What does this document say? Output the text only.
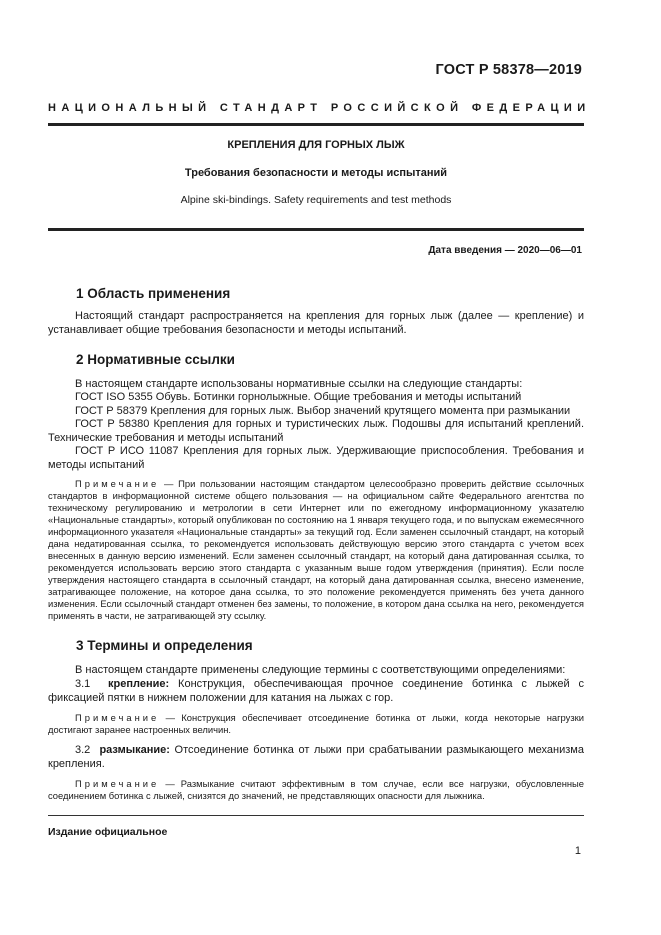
ГОСТ Р 58378—2019
НАЦИОНАЛЬНЫЙ СТАНДАРТ РОССИЙСКОЙ ФЕДЕРАЦИИ
КРЕПЛЕНИЯ ДЛЯ ГОРНЫХ ЛЫЖ
Требования безопасности и методы испытаний
Alpine ski-bindings. Safety requirements and test methods
Дата введения — 2020—06—01
1 Область применения
Настоящий стандарт распространяется на крепления для горных лыж (далее — крепление) и устанавливает общие требования безопасности и методы испытаний.
2 Нормативные ссылки
В настоящем стандарте использованы нормативные ссылки на следующие стандарты:
ГОСТ ISO 5355 Обувь. Ботинки горнолыжные. Общие требования и методы испытаний
ГОСТ Р 58379 Крепления для горных лыж. Выбор значений крутящего момента при размыкании
ГОСТ Р 58380 Крепления для горных и туристических лыж. Подошвы для испытаний креплений. Технические требования и методы испытаний
ГОСТ Р ИСО 11087 Крепления для горных лыж. Удерживающие приспособления. Требования и методы испытаний
Примечание — При пользовании настоящим стандартом целесообразно проверить действие ссылочных стандартов в информационной системе общего пользования — на официальном сайте Федерального агентства по техническому регулированию и метрологии в сети Интернет или по ежегодному информационному указателю «Национальные стандарты», который опубликован по состоянию на 1 января текущего года, и по выпускам ежемесячного информационного указателя «Национальные стандарты» за текущий год. Если заменен ссылочный стандарт, на который дана недатированная ссылка, то рекомендуется использовать действующую версию этого стандарта с учетом всех внесенных в данную версию изменений. Если заменен ссылочный стандарт, на который дана датированная ссылка, то рекомендуется использовать версию этого стандарта с указанным выше годом утверждения (принятия). Если после утверждения настоящего стандарта в ссылочный стандарт, на который дана датированная ссылка, внесено изменение, затрагивающее положение, на которое дана ссылка, то это положение рекомендуется применять без учета данного изменения. Если ссылочный стандарт отменен без замены, то положение, в котором дана ссылка на него, рекомендуется применять в части, не затрагивающей эту ссылку.
3 Термины и определения
В настоящем стандарте применены следующие термины с соответствующими определениями:
3.1 крепление: Конструкция, обеспечивающая прочное соединение ботинка с лыжей с фиксацией пятки в нижнем положении для катания на лыжах с гор.
Примечание — Конструкция обеспечивает отсоединение ботинка от лыжи, когда некоторые нагрузки достигают заранее настроенных величин.
3.2 размыкание: Отсоединение ботинка от лыжи при срабатывании размыкающего механизма крепления.
Примечание — Размыкание считают эффективным в том случае, если все нагрузки, обусловленные соединением ботинка с лыжей, снизятся до значений, не представляющих опасности для лыжника.
Издание официальное
1
